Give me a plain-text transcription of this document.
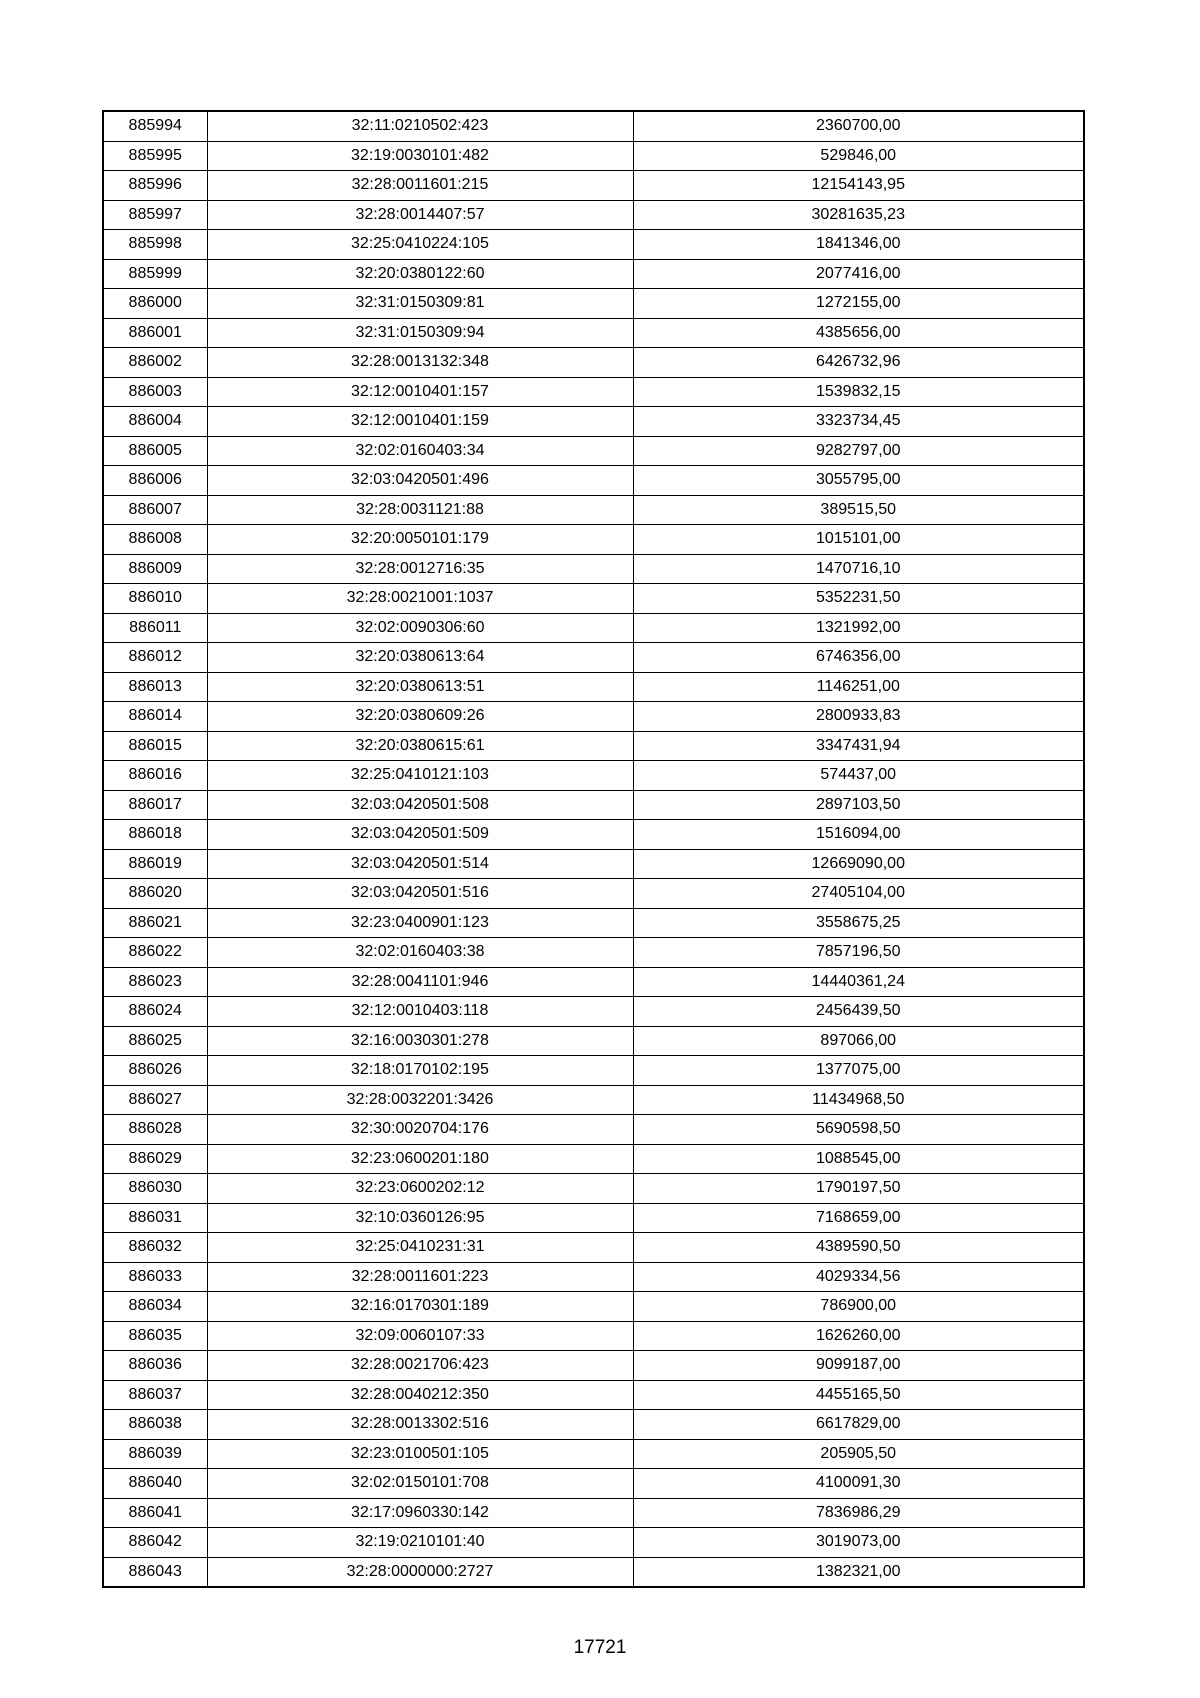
885994	32:11:0210502:423	2360700,00
885995	32:19:0030101:482	529846,00
885996	32:28:0011601:215	12154143,95
885997	32:28:0014407:57	30281635,23
885998	32:25:0410224:105	1841346,00
885999	32:20:0380122:60	2077416,00
886000	32:31:0150309:81	1272155,00
886001	32:31:0150309:94	4385656,00
886002	32:28:0013132:348	6426732,96
886003	32:12:0010401:157	1539832,15
886004	32:12:0010401:159	3323734,45
886005	32:02:0160403:34	9282797,00
886006	32:03:0420501:496	3055795,00
886007	32:28:0031121:88	389515,50
886008	32:20:0050101:179	1015101,00
886009	32:28:0012716:35	1470716,10
886010	32:28:0021001:1037	5352231,50
886011	32:02:0090306:60	1321992,00
886012	32:20:0380613:64	6746356,00
886013	32:20:0380613:51	1146251,00
886014	32:20:0380609:26	2800933,83
886015	32:20:0380615:61	3347431,94
886016	32:25:0410121:103	574437,00
886017	32:03:0420501:508	2897103,50
886018	32:03:0420501:509	1516094,00
886019	32:03:0420501:514	12669090,00
886020	32:03:0420501:516	27405104,00
886021	32:23:0400901:123	3558675,25
886022	32:02:0160403:38	7857196,50
886023	32:28:0041101:946	14440361,24
886024	32:12:0010403:118	2456439,50
886025	32:16:0030301:278	897066,00
886026	32:18:0170102:195	1377075,00
886027	32:28:0032201:3426	11434968,50
886028	32:30:0020704:176	5690598,50
886029	32:23:0600201:180	1088545,00
886030	32:23:0600202:12	1790197,50
886031	32:10:0360126:95	7168659,00
886032	32:25:0410231:31	4389590,50
886033	32:28:0011601:223	4029334,56
886034	32:16:0170301:189	786900,00
886035	32:09:0060107:33	1626260,00
886036	32:28:0021706:423	9099187,00
886037	32:28:0040212:350	4455165,50
886038	32:28:0013302:516	6617829,00
886039	32:23:0100501:105	205905,50
886040	32:02:0150101:708	4100091,30
886041	32:17:0960330:142	7836986,29
886042	32:19:0210101:40	3019073,00
886043	32:28:0000000:2727	1382321,00
17721
